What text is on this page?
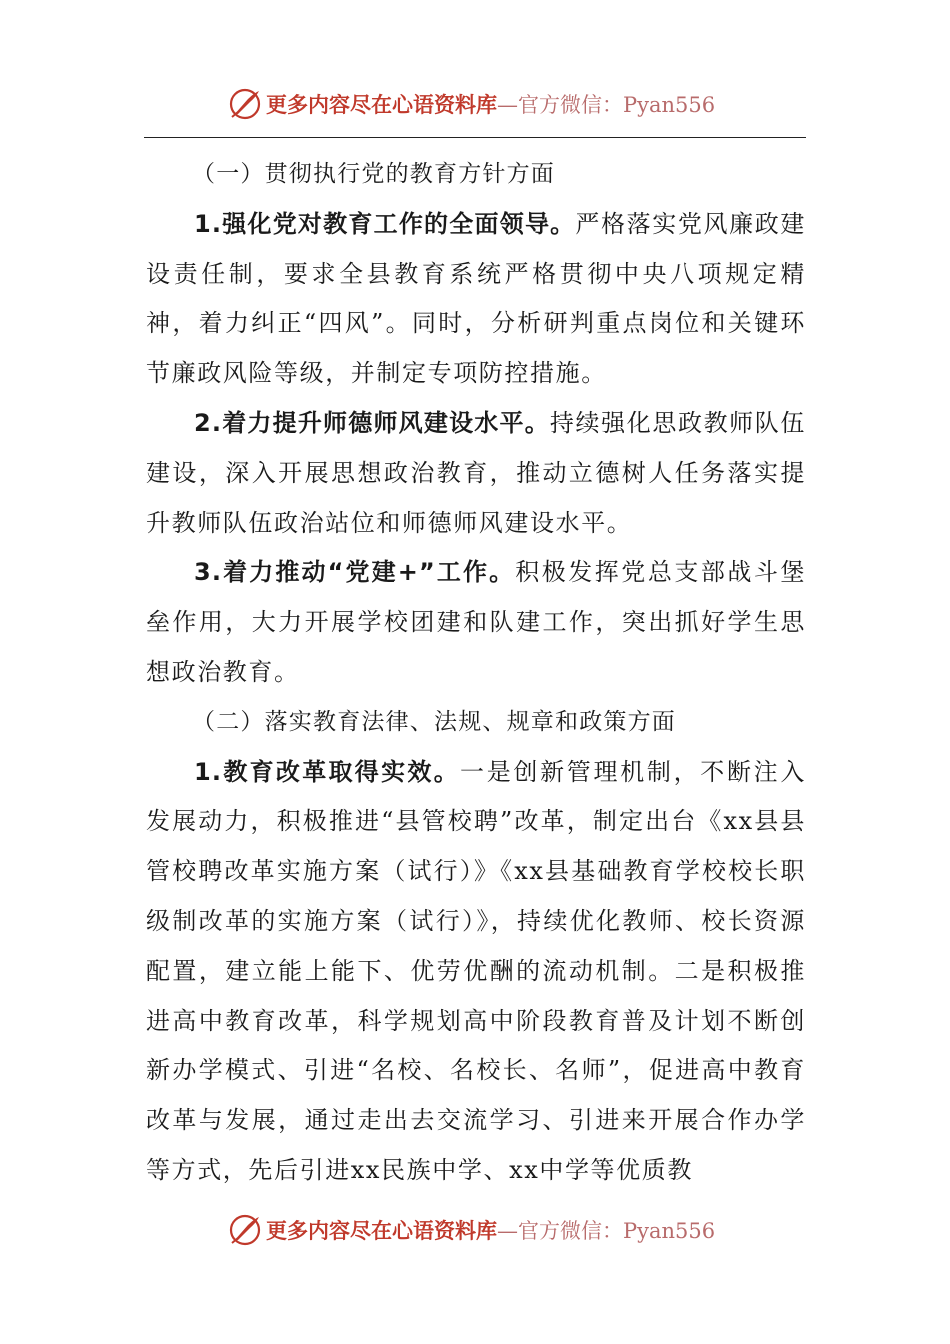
更多内容尽在心语资料库—官方微信：Pyan556

（一）贯彻执行党的教育方针方面

1.强化党对教育工作的全面领导。严格落实党风廉政建设责任制，要求全县教育系统严格贯彻中央八项规定精神，着力纠正“四风”。同时，分析研判重点岗位和关键环节廉政风险等级，并制定专项防控措施。

2.着力提升师德师风建设水平。持续强化思政教师队伍建设，深入开展思想政治教育，推动立德树人任务落实提升教师队伍政治站位和师德师风建设水平。

3.着力推动“党建+”工作。积极发挥党总支部战斗堡垒作用，大力开展学校团建和队建工作，突出抓好学生思想政治教育。

（二）落实教育法律、法规、规章和政策方面

1.教育改革取得实效。一是创新管理机制，不断注入发展动力，积极推进“县管校聘”改革，制定出台《xx县县管校聘改革实施方案（试行）》《xx县基础教育学校校长职级制改革的实施方案（试行）》，持续优化教师、校长资源配置，建立能上能下、优劳优酬的流动机制。二是积极推进高中教育改革，科学规划高中阶段教育普及计划不断创新办学模式、引进“名校、名校长、名师”，促进高中教育改革与发展，通过走出去交流学习、引进来开展合作办学等方式，先后引进xx民族中学、xx中学等优质教

更多内容尽在心语资料库—官方微信：Pyan556
